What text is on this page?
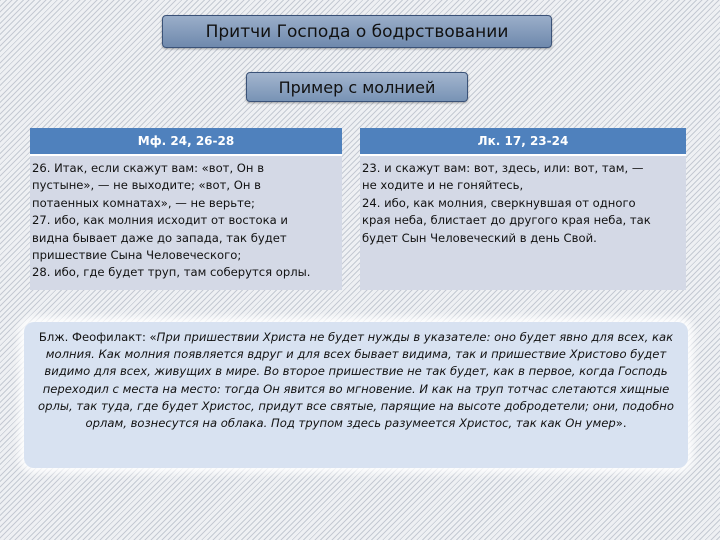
Притчи Господа о бодрствовании
Пример с молнией
Мф. 24, 26-28
26. Итак, если скажут вам: «вот, Он в
пустыне», — не выходите; «вот, Он в
потаенных комнатах», — не верьте;
27. ибо, как молния исходит от востока и
видна бывает даже до запада, так будет
пришествие Сына Человеческого;
28. ибо, где будет труп, там соберутся орлы.
Лк. 17, 23-24
23. и скажут вам: вот, здесь, или: вот, там, —
не ходите и не гоняйтесь,
24. ибо, как молния, сверкнувшая от одного
края неба, блистает до другого края неба, так
будет Сын Человеческий в день Свой.
Блж. Феофилакт: «При пришествии Христа не будет нужды в указателе: оно будет явно для всех, как молния. Как молния появляется вдруг и для всех бывает видима, так и пришествие Христово будет видимо для всех, живущих в мире. Во второе пришествие не так будет, как в первое, когда Господь переходил с места на место: тогда Он явится во мгновение. И как на труп тотчас слетаются хищные орлы, так туда, где будет Христос, придут все святые, парящие на высоте добродетели; они, подобно орлам, вознесутся на облака. Под трупом здесь разумеется Христос, так как Он умер».
